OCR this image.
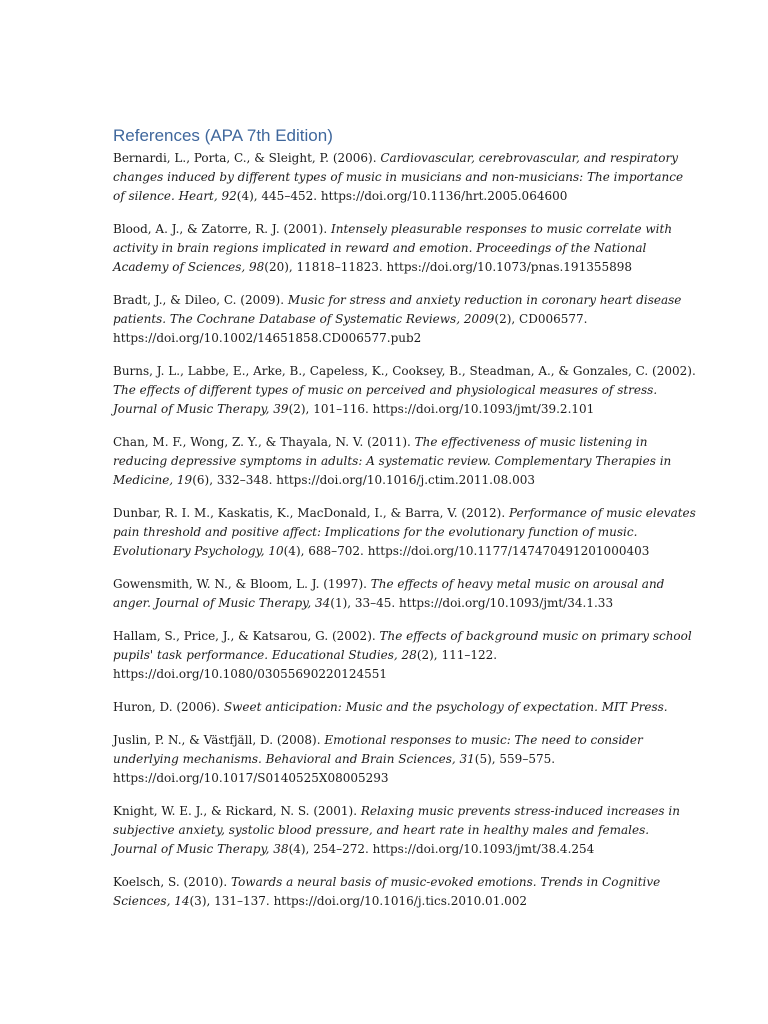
References (APA 7th Edition)
Bernardi, L., Porta, C., & Sleight, P. (2006). Cardiovascular, cerebrovascular, and respiratory
changes induced by different types of music in musicians and non-musicians: The importance
of silence. Heart, 92(4), 445–452. https://doi.org/10.1136/hrt.2005.064600
Blood, A. J., & Zatorre, R. J. (2001). Intensely pleasurable responses to music correlate with
activity in brain regions implicated in reward and emotion. Proceedings of the National
Academy of Sciences, 98(20), 11818–11823. https://doi.org/10.1073/pnas.191355898
Bradt, J., & Dileo, C. (2009). Music for stress and anxiety reduction in coronary heart disease
patients. The Cochrane Database of Systematic Reviews, 2009(2), CD006577.
https://doi.org/10.1002/14651858.CD006577.pub2
Burns, J. L., Labbe, E., Arke, B., Capeless, K., Cooksey, B., Steadman, A., & Gonzales, C. (2002).
The effects of different types of music on perceived and physiological measures of stress.
Journal of Music Therapy, 39(2), 101–116. https://doi.org/10.1093/jmt/39.2.101
Chan, M. F., Wong, Z. Y., & Thayala, N. V. (2011). The effectiveness of music listening in
reducing depressive symptoms in adults: A systematic review. Complementary Therapies in
Medicine, 19(6), 332–348. https://doi.org/10.1016/j.ctim.2011.08.003
Dunbar, R. I. M., Kaskatis, K., MacDonald, I., & Barra, V. (2012). Performance of music elevates
pain threshold and positive affect: Implications for the evolutionary function of music.
Evolutionary Psychology, 10(4), 688–702. https://doi.org/10.1177/147470491201000403
Gowensmith, W. N., & Bloom, L. J. (1997). The effects of heavy metal music on arousal and
anger. Journal of Music Therapy, 34(1), 33–45. https://doi.org/10.1093/jmt/34.1.33
Hallam, S., Price, J., & Katsarou, G. (2002). The effects of background music on primary school
pupils' task performance. Educational Studies, 28(2), 111–122.
https://doi.org/10.1080/03055690220124551
Huron, D. (2006). Sweet anticipation: Music and the psychology of expectation. MIT Press.
Juslin, P. N., & Västfjäll, D. (2008). Emotional responses to music: The need to consider
underlying mechanisms. Behavioral and Brain Sciences, 31(5), 559–575.
https://doi.org/10.1017/S0140525X08005293
Knight, W. E. J., & Rickard, N. S. (2001). Relaxing music prevents stress-induced increases in
subjective anxiety, systolic blood pressure, and heart rate in healthy males and females.
Journal of Music Therapy, 38(4), 254–272. https://doi.org/10.1093/jmt/38.4.254
Koelsch, S. (2010). Towards a neural basis of music-evoked emotions. Trends in Cognitive
Sciences, 14(3), 131–137. https://doi.org/10.1016/j.tics.2010.01.002
